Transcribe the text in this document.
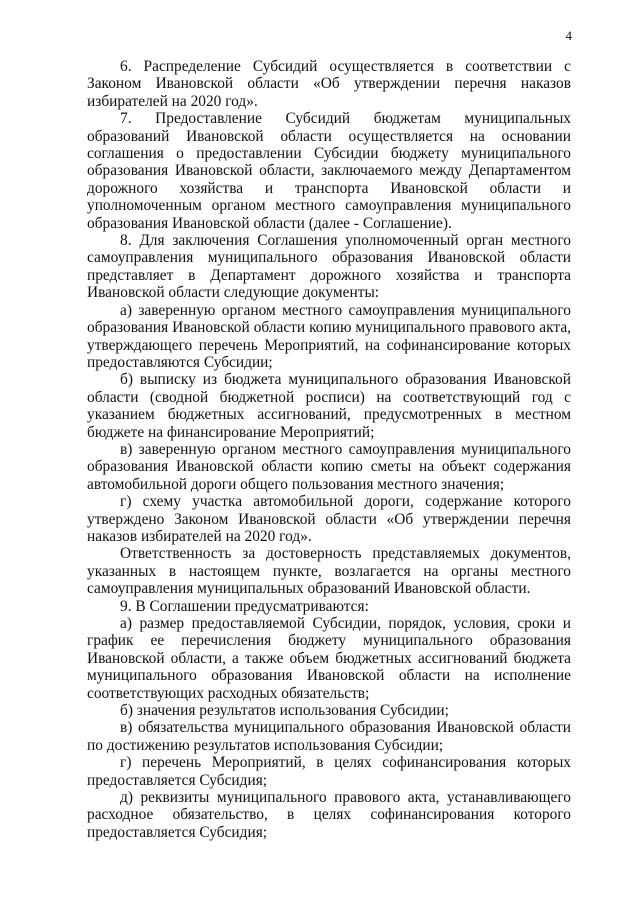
4

6. Распределение Субсидий осуществляется в соответствии с Законом Ивановской области «Об утверждении перечня наказов избирателей на 2020 год».

7. Предоставление Субсидий бюджетам муниципальных образований Ивановской области осуществляется на основании соглашения о предоставлении Субсидии бюджету муниципального образования Ивановской области, заключаемого между Департаментом дорожного хозяйства и транспорта Ивановской области и уполномоченным органом местного самоуправления муниципального образования Ивановской области (далее - Соглашение).

8. Для заключения Соглашения уполномоченный орган местного самоуправления муниципального образования Ивановской области представляет в Департамент дорожного хозяйства и транспорта Ивановской области следующие документы:

а) заверенную органом местного самоуправления муниципального образования Ивановской области копию муниципального правового акта, утверждающего перечень Мероприятий, на софинансирование которых предоставляются Субсидии;

б) выписку из бюджета муниципального образования Ивановской области (сводной бюджетной росписи) на соответствующий год с указанием бюджетных ассигнований, предусмотренных в местном бюджете на финансирование Мероприятий;

в) заверенную органом местного самоуправления муниципального образования Ивановской области копию сметы на объект содержания автомобильной дороги общего пользования местного значения;

г) схему участка автомобильной дороги, содержание которого утверждено Законом Ивановской области «Об утверждении перечня наказов избирателей на 2020 год».

Ответственность за достоверность представляемых документов, указанных в настоящем пункте, возлагается на органы местного самоуправления муниципальных образований Ивановской области.

9. В Соглашении предусматриваются:

а) размер предоставляемой Субсидии, порядок, условия, сроки и график ее перечисления бюджету муниципального образования Ивановской области, а также объем бюджетных ассигнований бюджета муниципального образования Ивановской области на исполнение соответствующих расходных обязательств;

б) значения результатов использования Субсидии;

в) обязательства муниципального образования Ивановской области по достижению результатов использования Субсидии;

г) перечень Мероприятий, в целях софинансирования которых предоставляется Субсидия;

д) реквизиты муниципального правового акта, устанавливающего расходное обязательство, в целях софинансирования которого предоставляется Субсидия;
